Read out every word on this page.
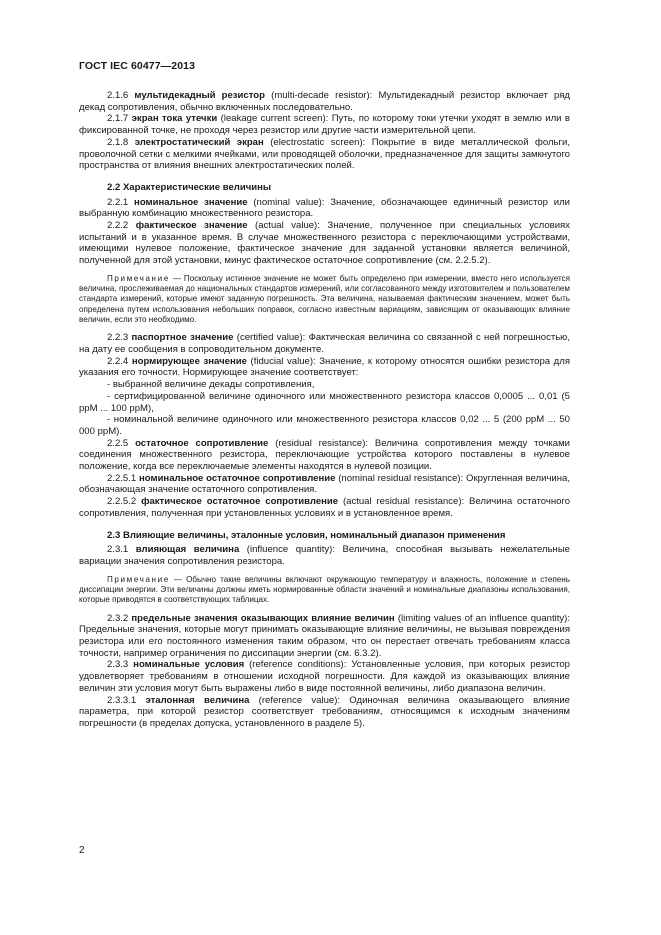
ГОСТ IEC 60477—2013

2.1.6 мультидекадный резистор (multi-decade resistor): Мультидекадный резистор включает ряд декад сопротивления, обычно включенных последовательно.

2.1.7 экран тока утечки (leakage current screen): Путь, по которому токи утечки уходят в землю или в фиксированной точке, не проходя через резистор или другие части измерительной цепи.

2.1.8 электростатический экран (electrostatic screen): Покрытие в виде металлической фольги, проволочной сетки с мелкими ячейками, или проводящей оболочки, предназначенное для защиты замкнутого пространства от влияния внешних электростатических полей.

2.2 Характеристические величины

2.2.1 номинальное значение (nominal value): Значение, обозначающее единичный резистор или выбранную комбинацию множественного резистора.

2.2.2 фактическое значение (actual value): Значение, полученное при специальных условиях испытаний и в указанное время. В случае множественного резистора с переключающими устройствами, имеющими нулевое положение, фактическое значение для заданной установки является величиной, полученной для этой установки, минус фактическое остаточное сопротивление (см. 2.2.5.2).

Примечание — Поскольку истинное значение не может быть определено при измерении, вместо него используется величина, прослеживаемая до национальных стандартов измерений, или согласованного между изготовителем и пользователем стандарта измерений, которые имеют заданную погрешность. Эта величина, называемая фактическим значением, может быть определена путем использования небольших поправок, согласно известным вариациям, зависящим от оказывающих влияние величин, если это необходимо.

2.2.3 паспортное значение (certified value): Фактическая величина со связанной с ней погрешностью, на дату ее сообщения в сопроводительном документе.

2.2.4 нормирующее значение (fiducial value): Значение, к которому относятся ошибки резистора для указания его точности. Нормирующее значение соответствует:

- выбранной величине декады сопротивления,

- сертифицированной величине одиночного или множественного резистора классов 0,0005 ... 0,01 (5 ppM ... 100 ppM),

- номинальной величине одиночного или множественного резистора классов 0,02 ... 5 (200 ppM ... 50 000 ppM).

2.2.5 остаточное сопротивление (residual resistance): Величина сопротивления между точками соединения множественного резистора, переключающие устройства которого поставлены в нулевое положение, когда все переключаемые элементы находятся в нулевой позиции.

2.2.5.1 номинальное остаточное сопротивление (nominal residual resistance): Округленная величина, обозначающая значение остаточного сопротивления.

2.2.5.2 фактическое остаточное сопротивление (actual residual resistance): Величина остаточного сопротивления, полученная при установленных условиях и в установленное время.

2.3 Влияющие величины, эталонные условия, номинальный диапазон применения

2.3.1 влияющая величина (influence quantity): Величина, способная вызывать нежелательные вариации значения сопротивления резистора.

Примечание — Обычно такие величины включают окружающую температуру и влажность, положение и степень диссипации энергии. Эти величины должны иметь нормированные области значений и номинальные диапазоны использования, которые приводятся в соответствующих таблицах.

2.3.2 предельные значения оказывающих влияние величин (limiting values of an influence quantity): Предельные значения, которые могут принимать оказывающие влияние величины, не вызывая повреждения резистора или его постоянного изменения таким образом, что он перестает отвечать требованиям класса точности, например ограничения по диссипации энергии (см. 6.3.2).

2.3.3 номинальные условия (reference conditions): Установленные условия, при которых резистор удовлетворяет требованиям в отношении исходной погрешности. Для каждой из оказывающих влияние величин эти условия могут быть выражены либо в виде постоянной величины, либо диапазона величин.

2.3.3.1 эталонная величина (reference value): Одиночная величина оказывающего влияние параметра, при которой резистор соответствует требованиям, относящимся к исходным значениям погрешности (в пределах допуска, установленного в разделе 5).

2
